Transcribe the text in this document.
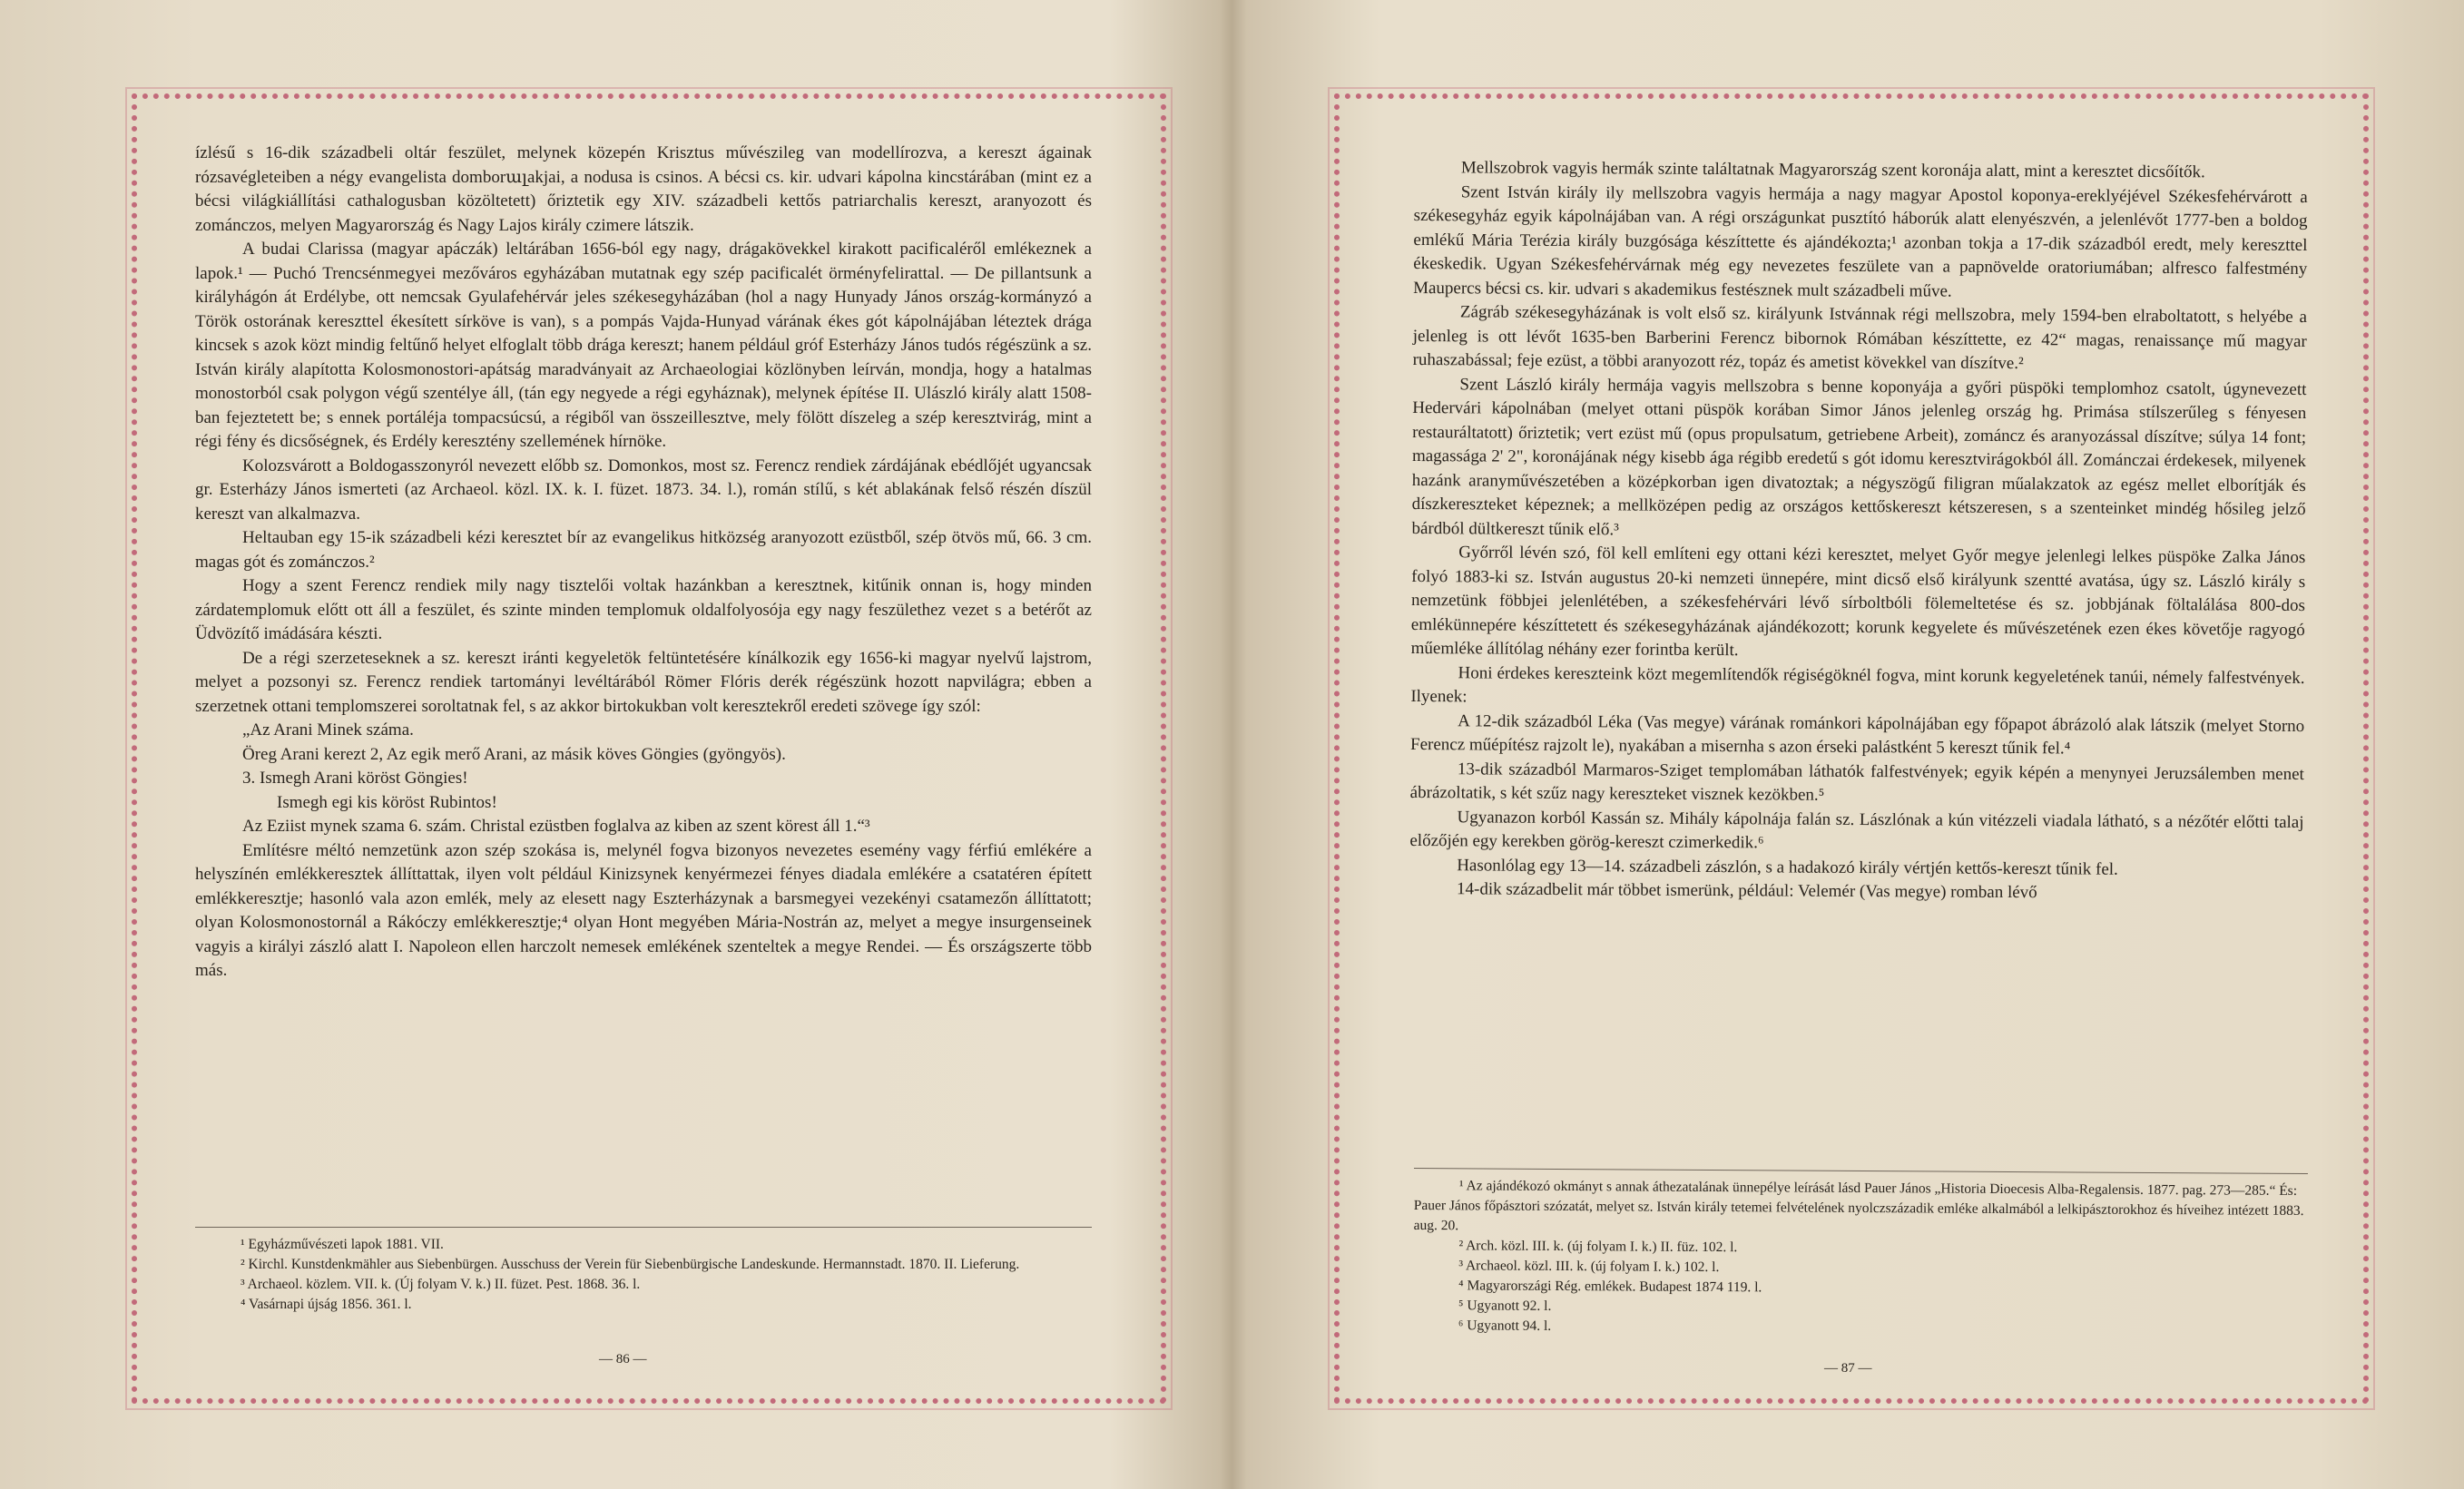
ízlésű s 16-dik századbeli oltár feszület, melynek közepén Krisztus művészileg van modellírozva, a kereszt ágainak rózsavégleteiben a négy evangelista domborալakjai, a nodusa is csinos. A bécsi cs. kir. udvari kápolna kincstárában (mint ez a bécsi világkiállítási cathalogusban közöltetett) őriztetik egy XIV. századbeli kettős patriarchalis kereszt, aranyozott és zománczos, melyen Magyarország és Nagy Lajos király czimere látszik.

A budai Clarissa (magyar apáczák) leltárában 1656-ból egy nagy, drágakövekkel kirakott pacificaléről emlékeznek a lapok.¹ — Puchó Trencsénmegyei mezőváros egyházában mutatnak egy szép pacificalét örményfelirattal. — De pillantsunk a királyhágón át Erdélybe, ott nemcsak Gyulafehérvár jeles székesegyházában (hol a nagy Hunyady János ország-kormányzó a Török ostorának kereszttel ékesített sírköve is van), s a pompás Vajda-Hunyad várának ékes gót kápolnájában léteztek drága kincsek s azok közt mindig feltűnő helyet elfoglalt több drága kereszt; hanem például gróf Esterházy János tudós régészünk a sz. István király alapította Kolosmonostori-apátság maradványait az Archaeologiai közlönyben leírván, mondja, hogy a hatalmas monostorból csak polygon végű szentélye áll, (tán egy negyede a régi egyháznak), melynek építése II. Ulászló király alatt 1508-ban fejeztetett be; s ennek portáléja tompacsúcsú, a régiből van összeillesztve, mely fölött díszeleg a szép keresztvirág, mint a régi fény és dicsőségnek, és Erdély keresztény szellemének hírnöke.

Kolozsvárott a Boldogasszonyról nevezett előbb sz. Domonkos, most sz. Ferencz rendiek zárdájának ebédlőjét ugyancsak gr. Esterházy János ismerteti (az Archaeol. közl. IX. k. I. füzet. 1873. 34. l.), román stílű, s két ablakának felső részén díszül kereszt van alkalmazva.

Heltauban egy 15-ik századbeli kézi keresztet bír az evangelikus hitközség aranyozott ezüstből, szép ötvös mű, 66. 3 cm. magas gót és zománczos.²

Hogy a szent Ferencz rendiek mily nagy tisztelői voltak hazánkban a keresztnek, kitűnik onnan is, hogy minden zárdatemplomuk előtt ott áll a feszület, és szinte minden templomuk oldalfolyosója egy nagy feszülethez vezet s a betérőt az Üdvözítő imádására készti.

De a régi szerzeteseknek a sz. kereszt iránti kegyeletök feltüntetésére kínálkozik egy 1656-ki magyar nyelvű lajstrom, melyet a pozsonyi sz. Ferencz rendiek tartományi levéltárából Römer Flóris derék régészünk hozott napvilágra; ebben a szerzetnek ottani templomszerei soroltatnak fel, s az akkor birtokukban volt keresztekről eredeti szövege így szól:

„Az Arani Minek száma.

Öreg Arani kerezt 2, Az egik merő Arani, az másik köves Göngies (gyöngyös).

3. Ismegh Arani köröst Göngies!

Ismegh egi kis köröst Rubintos!

Az Eziist mynek szama 6. szám. Christal ezüstben foglalva az kiben az szent körest áll 1.“³

Említésre méltó nemzetünk azon szép szokása is, melynél fogva bizonyos nevezetes esemény vagy férfiú emlékére a helyszínén emlékkeresztek állíttattak, ilyen volt például Kinizsynek kenyérmezei fényes diadala emlékére a csatatéren épített emlékkeresztje; hasonló vala azon emlék, mely az elesett nagy Eszterházynak a barsmegyei vezekényi csatamezőn állíttatott; olyan Kolosmonostornál a Rákóczy emlékkeresztje;⁴ olyan Hont megyében Mária-Nostrán az, melyet a megye insurgenseinek vagyis a királyi zászló alatt I. Napoleon ellen harczolt nemesek emlékének szenteltek a megye Rendei. — És országszerte több más.

¹ Egyházművészeti lapok 1881. VII.

² Kirchl. Kunstdenkmähler aus Siebenbürgen. Ausschuss der Verein für Siebenbürgische Landeskunde. Hermannstadt. 1870. II. Lieferung.

³ Archaeol. közlem. VII. k. (Új folyam V. k.) II. füzet. Pest. 1868. 36. l.

⁴ Vasárnapi újság 1856. 361. l.

— 86 —

Mellszobrok vagyis hermák szinte találtatnak Magyarország szent koronája alatt, mint a keresztet dicsőítők.

Szent István király ily mellszobra vagyis hermája a nagy magyar Apostol koponya-ereklyéjével Székesfehérvárott a székesegyház egyik kápolnájában van. A régi országunkat pusztító háborúk alatt elenyészvén, a jelenlévőt 1777-ben a boldog emlékű Mária Terézia király buzgósága készíttette és ajándékozta;¹ azonban tokja a 17-dik századból eredt, mely kereszttel ékeskedik. Ugyan Székesfehérvárnak még egy nevezetes feszülete van a papnövelde oratoriumában; alfresco falfestmény Maupercs bécsi cs. kir. udvari s akademikus festésznek mult századbeli műve.

Zágráb székesegyházának is volt első sz. királyunk Istvánnak régi mellszobra, mely 1594-ben elraboltatott, s helyébe a jelenleg is ott lévőt 1635-ben Barberini Ferencz bibornok Rómában készíttette, ez 42“ magas, renaissançe mű magyar ruhaszabással; feje ezüst, a többi aranyozott réz, topáz és ametist kövekkel van díszítve.²

Szent László király hermája vagyis mellszobra s benne koponyája a győri püspöki templomhoz csatolt, úgynevezett Hedervári kápolnában (melyet ottani püspök korában Simor János jelenleg ország hg. Primása stílszerűleg s fényesen restauráltatott) őriztetik; vert ezüst mű (opus propulsatum, getriebene Arbeit), zománcz és aranyozással díszítve; súlya 14 font; magassága 2' 2", koronájának négy kisebb ága régibb eredetű s gót idomu keresztvirágokból áll. Zománczai érdekesek, milyenek hazánk aranyművészetében a középkorban igen divatoztak; a négyszögű filigran műalakzatok az egész mellet elborítják és díszkereszteket képeznek; a mellközépen pedig az országos kettőskereszt kétszeresen, s a szenteinket mindég hősileg jelző bárdból dültkereszt tűnik elő.³

Győrről lévén szó, föl kell említeni egy ottani kézi keresztet, melyet Győr megye jelenlegi lelkes püspöke Zalka János folyó 1883-ki sz. István augustus 20-ki nemzeti ünnepére, mint dicső első királyunk szentté avatása, úgy sz. László király s nemzetünk föbbjei jelenlétében, a székesfehérvári lévő sírboltbóli fölemeltetése és sz. jobbjának föltalálása 800-dos emlékünnepére készíttetett és székesegyházának ajándékozott; korunk kegyelete és művészetének ezen ékes követője ragyogó műemléke állítólag néhány ezer forintba került.

Honi érdekes kereszteink közt megemlítendők régiségöknél fogva, mint korunk kegyeletének tanúi, némely falfestvények. Ilyenek:

A 12-dik századból Léka (Vas megye) várának románkori kápolnájában egy főpapot ábrázoló alak látszik (melyet Storno Ferencz műépítész rajzolt le), nyakában a misernha s azon érseki palástként 5 kereszt tűnik fel.⁴

13-dik századból Marmaros-Sziget templomában láthatók falfestvények; egyik képén a menynyei Jeruzsálemben menet ábrázoltatik, s két szűz nagy kereszteket visznek kezökben.⁵

Ugyanazon korból Kassán sz. Mihály kápolnája falán sz. Lászlónak a kún vitézzeli viadala látható, s a nézőtér előtti talaj előzőjén egy kerekben görög-kereszt czimerkedik.⁶

Hasonlólag egy 13—14. századbeli zászlón, s a hadakozó király vértjén kettős-kereszt tűnik fel.

14-dik századbelit már többet ismerünk, például: Velemér (Vas megye) romban lévő

¹ Az ajándékozó okmányt s annak áthezatalának ünnepélye leírását lásd Pauer János „Historia Dioecesis Alba-Regalensis. 1877. pag. 273—285.“ És: Pauer János főpásztori szózatát, melyet sz. István király tetemei felvételének nyolczszázadik emléke alkalmából a lelkipásztorokhoz és híveihez intézett 1883. aug. 20.

² Arch. közl. III. k. (új folyam I. k.) II. füz. 102. l.

³ Archaeol. közl. III. k. (új folyam I. k.) 102. l.

⁴ Magyarországi Rég. emlékek. Budapest 1874 119. l.

⁵ Ugyanott 92. l.

⁶ Ugyanott 94. l.

— 87 —
